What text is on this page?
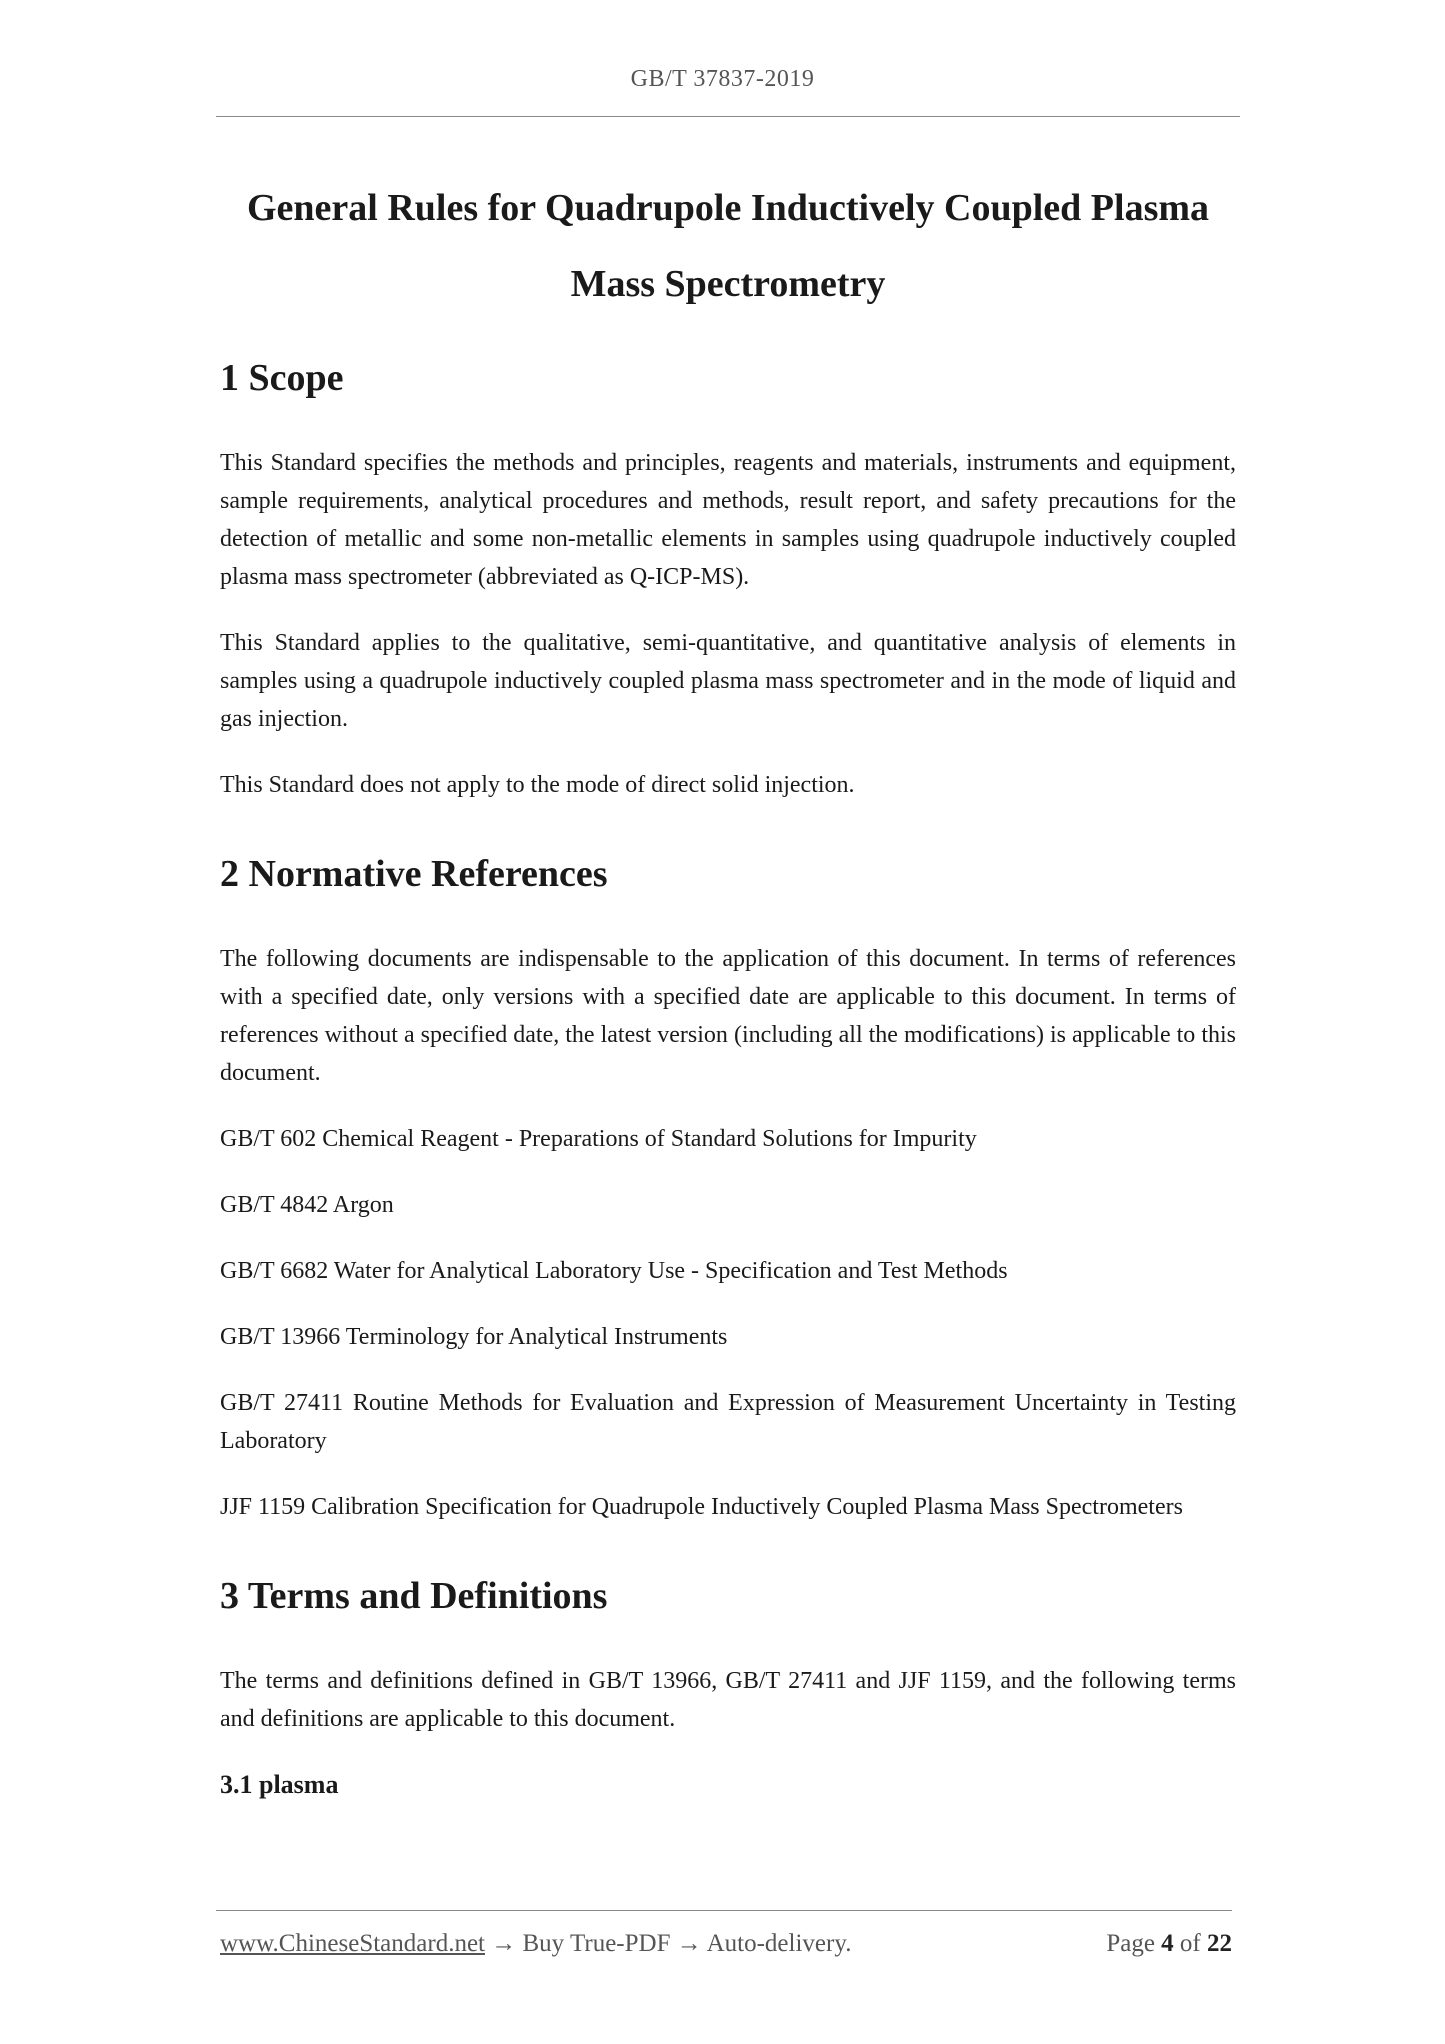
GB/T 37837-2019
General Rules for Quadrupole Inductively Coupled Plasma
Mass Spectrometry
1 Scope

This Standard specifies the methods and principles, reagents and materials, instruments and equipment, sample requirements, analytical procedures and methods, result report, and safety precautions for the detection of metallic and some non-metallic elements in samples using quadrupole inductively coupled plasma mass spectrometer (abbreviated as Q-ICP-MS).

This Standard applies to the qualitative, semi-quantitative, and quantitative analysis of elements in samples using a quadrupole inductively coupled plasma mass spectrometer and in the mode of liquid and gas injection.

This Standard does not apply to the mode of direct solid injection.

2 Normative References

The following documents are indispensable to the application of this document. In terms of references with a specified date, only versions with a specified date are applicable to this document. In terms of references without a specified date, the latest version (including all the modifications) is applicable to this document.

GB/T 602 Chemical Reagent - Preparations of Standard Solutions for Impurity

GB/T 4842 Argon

GB/T 6682 Water for Analytical Laboratory Use - Specification and Test Methods

GB/T 13966 Terminology for Analytical Instruments

GB/T 27411 Routine Methods for Evaluation and Expression of Measurement Uncertainty in Testing Laboratory

JJF 1159 Calibration Specification for Quadrupole Inductively Coupled Plasma Mass Spectrometers

3 Terms and Definitions

The terms and definitions defined in GB/T 13966, GB/T 27411 and JJF 1159, and the following terms and definitions are applicable to this document.

3.1 plasma
www.ChineseStandard.net → Buy True-PDF → Auto-delivery.	Page 4 of 22
